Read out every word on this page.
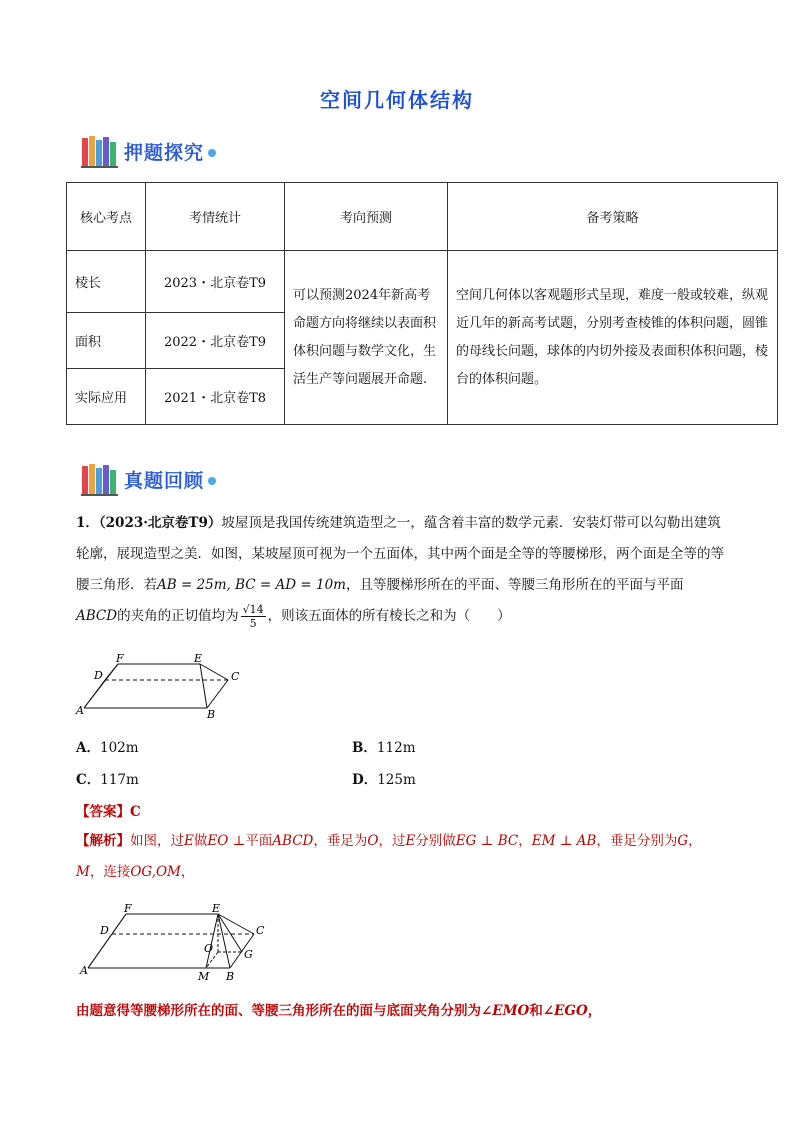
空间几何体结构
押题探究
核心考点	考情统计	考向预测	备考策略
棱长	2023・北京卷T9	可以预测2024年新高考命题方向将继续以表面积体积问题与数学文化，生活生产等问题展开命题.	空间几何体以客观题形式呈现，难度一般或较难，纵观近几年的新高考试题，分别考查棱锥的体积问题，圆锥的母线长问题，球体的内切外接及表面积体积问题，棱台的体积问题。
面积	2022・北京卷T9		
实际应用	2021・北京卷T8		
真题回顾
1．（2023·北京卷T9）坡屋顶是我国传统建筑造型之一，蕴含着丰富的数学元素．安装灯带可以勾勒出建筑轮廓，展现造型之美．如图，某坡屋顶可视为一个五面体，其中两个面是全等的等腰梯形，两个面是全等的等腰三角形．若AB = 25m, BC = AD = 10m，且等腰梯形所在的平面、等腰三角形所在的平面与平面ABCD的夹角的正切值均为 $\frac{√14}{5}$ ，则该五面体的所有棱长之和为（　　）
D
F	E
C
A	B
A．102m	B．112m
C．117m	D．125m
【答案】C
【解析】如图，过E做EO ⊥平面ABCD，垂足为O，过E分别做EG ⊥ BC，EM ⊥ AB，垂足分别为G，M，连接OG,OM，
D
F	E
C
O
A	M B
G
由题意得等腰梯形所在的面、等腰三角形所在的面与底面夹角分别为∠EMO和∠EGO，
